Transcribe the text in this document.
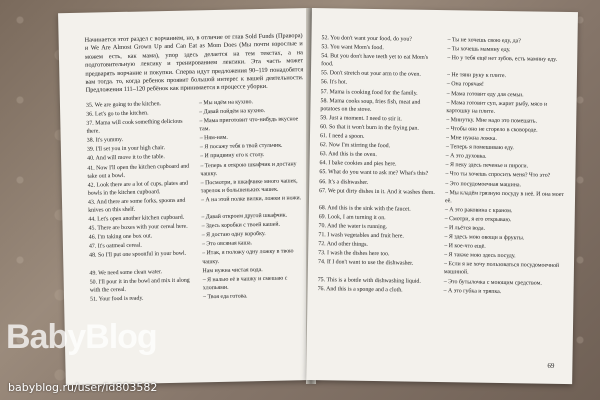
Начинается этот раздел с ворчанием, но, в отличие от глав Sold Funds (Правора) и We Are Almost Grown Up and Can Eat as Mom Does (Мы почти взрослые и можем есть, как мама), упор здесь делается на тем текстах, а на подготовительную лексику и тренированием лексики. Эта часть может предварять ворчание и покупки. Сперва идут предложения 90–119 понадобятся вам тогда. то, когда ребенок проявит большой интерес к вашей деятельности. Предложения 111–120 ребёнок как принимается в процессе уборки.

35. We are going to the kitchen.	– Мы идём на кухню.
36. Let's go to the kitchen.	– Давай пойдём на кухню.
37. Mama will cook something delicious there.
– Мама приготовит что-нибудь вкусное там.
38. It's yummy.	– Ням-ням.
39. I'll set you in your high chair.	– Я посажу тебя в твой стульчик.
40. And will move it to the table.	– И придвину его к столу.
41. Now I'll open the kitchen cupboard and take out a bowl.
– Теперь я открою шкафчик и достану чашку.
42. Look there are a lot of cups, plates and bowls in the kitchen cupboard.
– Посмотри, в шкафчике много чашек, тарелок и большеньких чашек.
43. And there are some forks, spoons and knives on this shelf.
– А на этой полке вилки, ложки и ножи.
44. Let's open another kitchen cupboard.	– Давай откроем другой шкафчик.
45. There are boxes with your cereal here.	– Здесь коробки с твоей кашей.
46. I'm taking one box out.	– Я достаю одну коробку.
47. It's oatmeal cereal.	– Это овсяная каша.
48. So I'll put one spoonful in your bowl.	– Итак, я положу одну ложку в твою чашку.
49. We need some clean water.	Нам нужна чистая вода.
50. I'll pour it in the bowl and mix it along with the cereal.
– Я налью её в чашку и смешаю с хлопьями.
51. Your food is ready.	– Твоя еда готова.
52. You don't want your food, do you?	– Ты не хочешь свою еду, да?
53. You want Mom's food.	– Ты хочешь мамину еду.
54. But you don't have teeth yet to eat Mom's food.
– Но у тебя ещё нет зубов, есть мамину еду.
55. Don't stretch out your arm to the oven.	– Не тяни руку к плите.
56. It's hot.	– Она горячая!
57. Mama is cooking food for the family.	– Мама готовит еду для семьи.
58. Mama cooks soup, fries fish, meat and potatoes on the stove.
– Мама готовит суп, жарит рыбу, мясо и картошку на плите.
59. Just a moment. I need to stir it.	– Минутку. Мне надо это помешать.
60. So that it won't burn in the frying pan.	– Чтобы оно не сгорело в сковороде.
61. I need a spoon.	– Мне нужна ложка.
62. Now I'm stirring the food.	– Теперь я помешиваю еду.
63. And this is the oven.	– А это духовка.
64. I bake cookies and pies here.	– Я пеку здесь печенье и пироги.
65. What do you want to ask me? What's this?	– Что ты хочешь спросить меня? Что это?
66. It's a dishwasher.	– Это посудомоечная машина.
67. We put dirty dishes in it. And it washes them.	– Мы кладём грязную посуду в неё. И она моет её.
68. And this is the sink with the faucet.	– А это раковина с краном.
69. Look, I am turning it on.	– Смотри, я его открываю.
70. And the water is running.	– И льётся вода.
71. I wash vegetables and fruit here.	– Я здесь мою овощи и фрукты.
72. And other things.	– И кое-что ещё.
73. I wash the dishes here too.	– Я также мою здесь посуду.
74. If I don't want to use the dishwasher.	– Если я не хочу пользоваться посудомоечной машиной.
75. This is a bottle with dishwashing liquid.	– Это бутылочка с моющим средством.
76. And this is a sponge and a cloth.	– А это губка и тряпка.
69
BabyBlog
babyblog.ru/user/id803582
